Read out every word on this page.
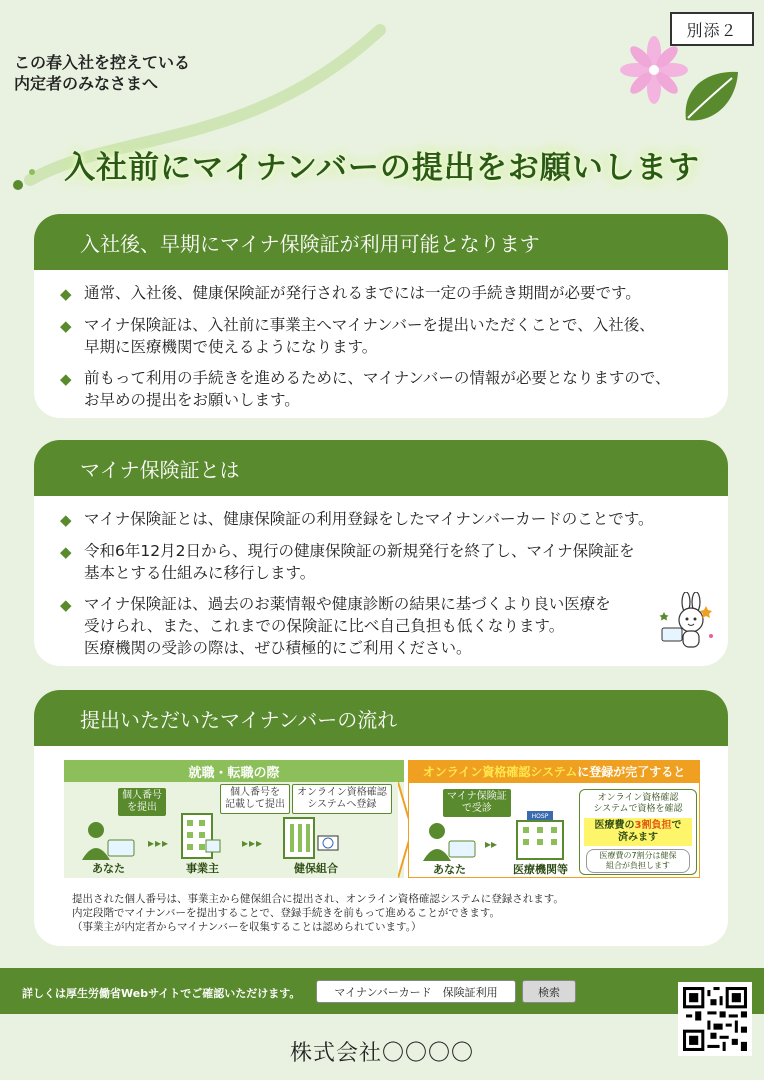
別添２
この春入社を控えている
内定者のみなさまへ
入社前にマイナンバーの提出をお願いします
入社後、早期にマイナ保険証が利用可能となります
◆ 通常、入社後、健康保険証が発行されるまでには一定の手続き期間が必要です。
◆ マイナ保険証は、入社前に事業主へマイナンバーを提出いただくことで、入社後、
早期に医療機関で使えるようになります。
◆ 前もって利用の手続きを進めるために、マイナンバーの情報が必要となりますので、
お早めの提出をお願いします。
マイナ保険証とは
◆ マイナ保険証とは、健康保険証の利用登録をしたマイナンバーカードのことです。
◆ 令和6年12月2日から、現行の健康保険証の新規発行を終了し、マイナ保険証を
基本とする仕組みに移行します。
◆ マイナ保険証は、過去のお薬情報や健康診断の結果に基づくより良い医療を
受けられ、また、これまでの保険証に比べ自己負担も低くなります。
医療機関の受診の際は、ぜひ積極的にご利用ください。
提出いただいたマイナンバーの流れ
就職・転職の際	オンライン資格確認システム に登録が完了すると
個人番号
を提出
個人番号を
記載して提出
オンライン資格確認
システムへ登録
▸▸▸	▸▸▸
あなた	事業主	健保組合
マイナ保険証
で受診
▸▸
HOSP
あなた	医療機関等
オンライン資格確認
システムで資格を確認
医療費の3割負担で
済みます
医療費の7割分は健保
組合が負担します
提出された個人番号は、事業主から健保組合に提出され、オンライン資格確認システムに登録されます。
内定段階でマイナンバーを提出することで、登録手続きを前もって進めることができます。
（事業主が内定者からマイナンバーを収集することは認められています。）
詳しくは厚生労働省Webサイトでご確認いただけます。	マイナンバーカード　保険証利用	検索
株式会社〇〇〇〇
